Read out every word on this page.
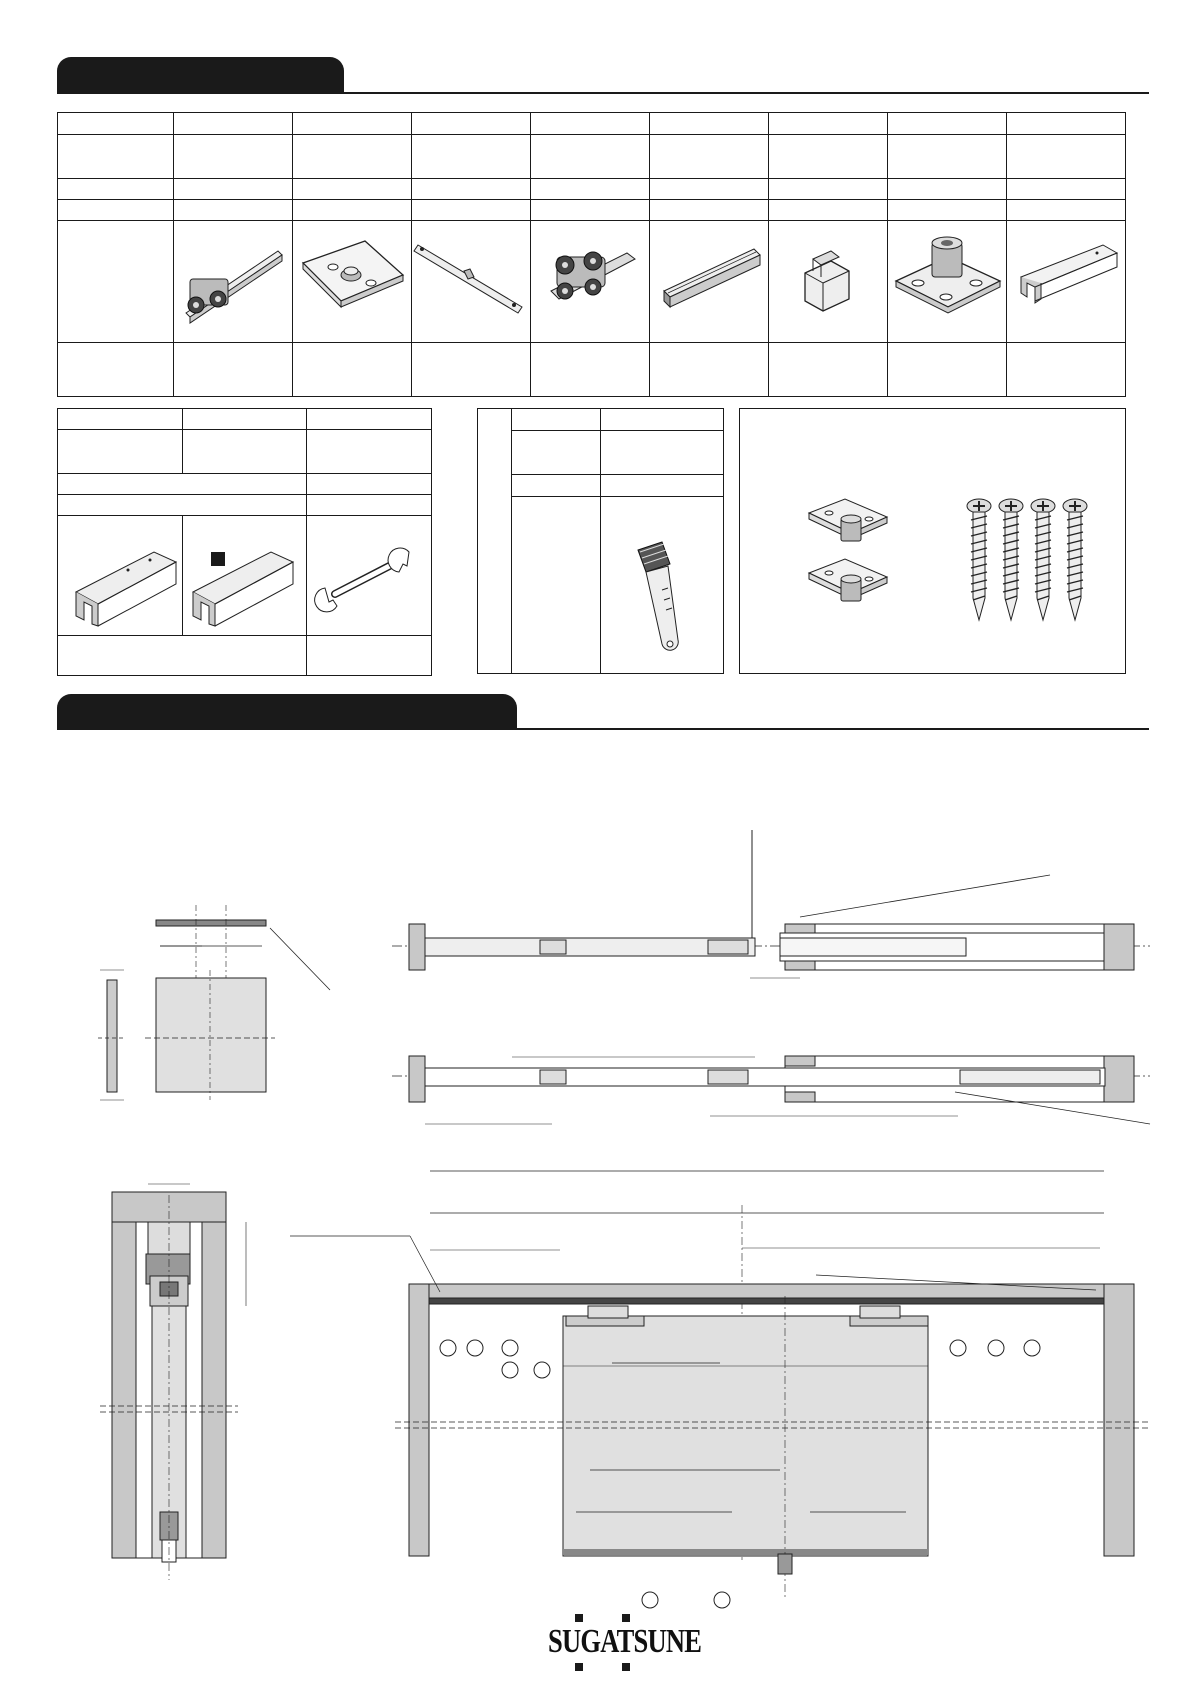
SUGATSUNE
